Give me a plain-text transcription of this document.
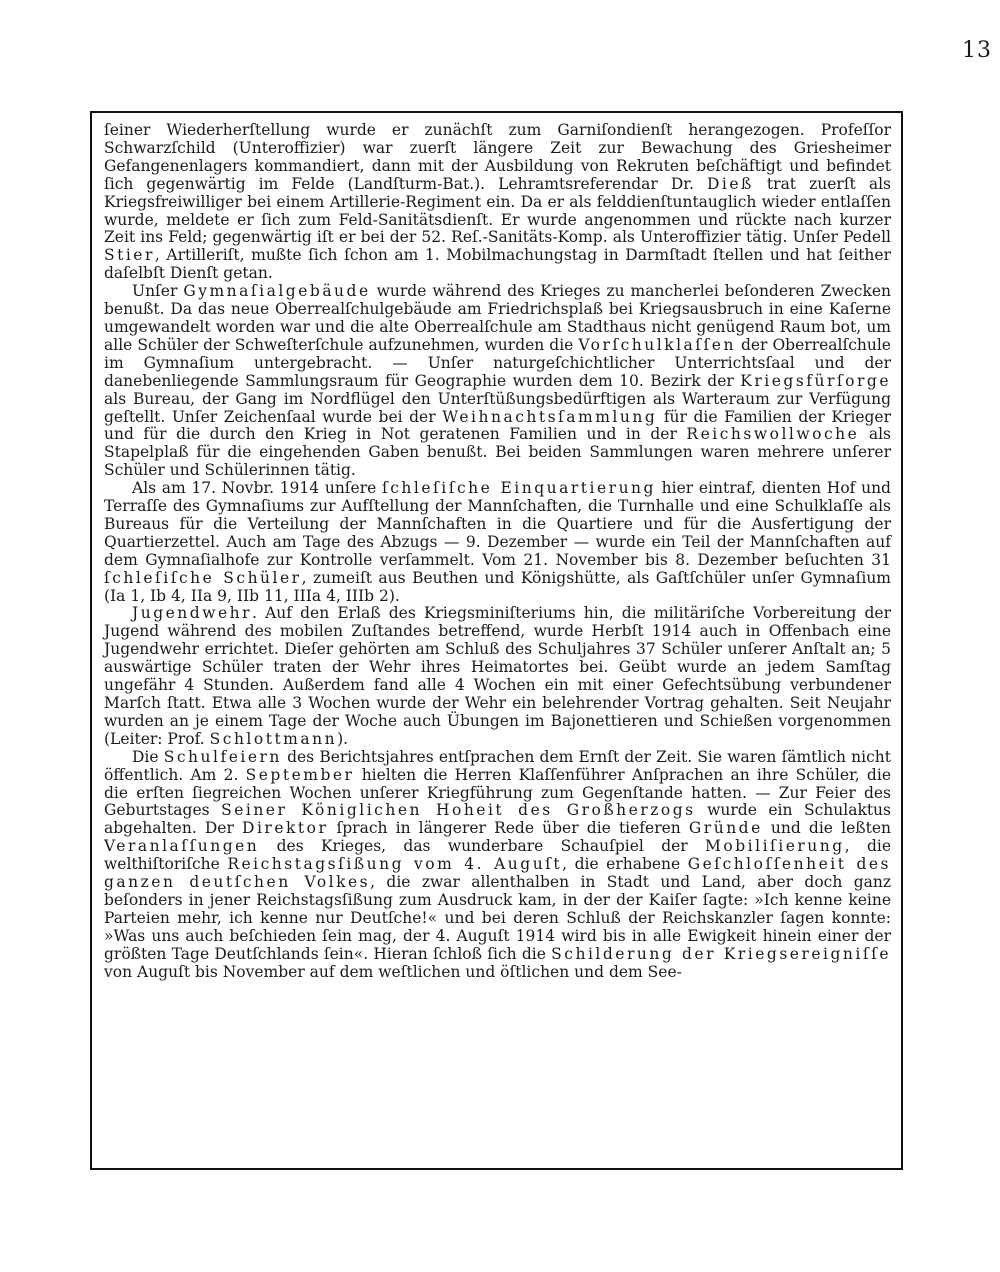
13

ſeiner Wiederherſtellung wurde er zunächſt zum Garniſondienſt herangezogen. Profeſſor Schwarzſchild (Unteroffizier) war zuerſt längere Zeit zur Bewachung des Griesheimer Gefangenenlagers kommandiert, dann mit der Ausbildung von Rekruten beſchäftigt und befindet ſich gegenwärtig im Felde (Landſturm-Bat.). Lehramtsreferendar Dr. Dieß trat zuerſt als Kriegsfreiwilliger bei einem Artillerie-Regiment ein. Da er als felddienſtuntauglich wieder entlaſſen wurde, meldete er ſich zum Feld-Sanitätsdienſt. Er wurde angenommen und rückte nach kurzer Zeit ins Feld; gegenwärtig iſt er bei der 52. Reſ.-Sanitäts-Komp. als Unteroffizier tätig. Unſer Pedell Stier, Artilleriſt, mußte ſich ſchon am 1. Mobilmachungstag in Darmſtadt ſtellen und hat ſeither daſelbſt Dienſt getan.

Unſer Gymnaſialgebäude wurde während des Krieges zu mancherlei beſonderen Zwecken benußt. Da das neue Oberrealſchulgebäude am Friedrichsplaß bei Kriegsausbruch in eine Kaſerne umgewandelt worden war und die alte Oberrealſchule am Stadthaus nicht genügend Raum bot, um alle Schüler der Schweſterſchule aufzunehmen, wurden die Vorſchulklaſſen der Oberrealſchule im Gymnaſium untergebracht. — Unſer naturgeſchichtlicher Unterrichtsſaal und der danebenliegende Sammlungsraum für Geographie wurden dem 10. Bezirk der Kriegsfürſorge als Bureau, der Gang im Nordflügel den Unterſtüßungsbedürftigen als Warteraum zur Verfügung geſtellt. Unſer Zeichenſaal wurde bei der Weihnachtsſammlung für die Familien der Krieger und für die durch den Krieg in Not geratenen Familien und in der Reichswollwoche als Stapelplaß für die eingehenden Gaben benußt. Bei beiden Sammlungen waren mehrere unſerer Schüler und Schülerinnen tätig.

Als am 17. Novbr. 1914 unſere ſchleſiſche Einquartierung hier eintraf, dienten Hof und Terraſſe des Gymnaſiums zur Aufſtellung der Mannſchaften, die Turnhalle und eine Schulklaſſe als Bureaus für die Verteilung der Mannſchaften in die Quartiere und für die Ausfertigung der Quartierzettel. Auch am Tage des Abzugs — 9. Dezember — wurde ein Teil der Mannſchaften auf dem Gymnaſialhofe zur Kontrolle verſammelt. Vom 21. November bis 8. Dezember beſuchten 31 ſchleſiſche Schüler, zumeiſt aus Beuthen und Königshütte, als Gaſtſchüler unſer Gymnaſium (Ia 1, Ib 4, IIa 9, IIb 11, IIIa 4, IIIb 2).

Jugendwehr. Auf den Erlaß des Kriegsminiſteriums hin, die militäriſche Vorbereitung der Jugend während des mobilen Zuſtandes betreffend, wurde Herbſt 1914 auch in Offenbach eine Jugendwehr errichtet. Dieſer gehörten am Schluß des Schuljahres 37 Schüler unſerer Anſtalt an; 5 auswärtige Schüler traten der Wehr ihres Heimatortes bei. Geübt wurde an jedem Samſtag ungefähr 4 Stunden. Außerdem fand alle 4 Wochen ein mit einer Gefechtsübung verbundener Marſch ſtatt. Etwa alle 3 Wochen wurde der Wehr ein belehrender Vortrag gehalten. Seit Neujahr wurden an je einem Tage der Woche auch Übungen im Bajonettieren und Schießen vorgenommen (Leiter: Prof. Schlottmann).

Die Schulfeiern des Berichtsjahres entſprachen dem Ernſt der Zeit. Sie waren ſämtlich nicht öffentlich. Am 2. September hielten die Herren Klaſſenführer Anſprachen an ihre Schüler, die die erſten ſiegreichen Wochen unſerer Kriegführung zum Gegenſtande hatten. — Zur Feier des Geburtstages Seiner Königlichen Hoheit des Großherzogs wurde ein Schulaktus abgehalten. Der Direktor ſprach in längerer Rede über die tieferen Gründe und die leßten Veranlaſſungen des Krieges, das wunderbare Schauſpiel der Mobiliſierung, die welthiſtoriſche Reichstagsſißung vom 4. Auguſt, die erhabene Geſchloſſenheit des ganzen deutſchen Volkes, die zwar allenthalben in Stadt und Land, aber doch ganz beſonders in jener Reichstagsſißung zum Ausdruck kam, in der der Kaiſer ſagte: »Ich kenne keine Parteien mehr, ich kenne nur Deutſche!« und bei deren Schluß der Reichskanzler ſagen konnte: »Was uns auch beſchieden ſein mag, der 4. Auguſt 1914 wird bis in alle Ewigkeit hinein einer der größten Tage Deutſchlands ſein«. Hieran ſchloß ſich die Schilderung der Kriegsereigniſſe von Auguſt bis November auf dem weſtlichen und öſtlichen und dem See-
